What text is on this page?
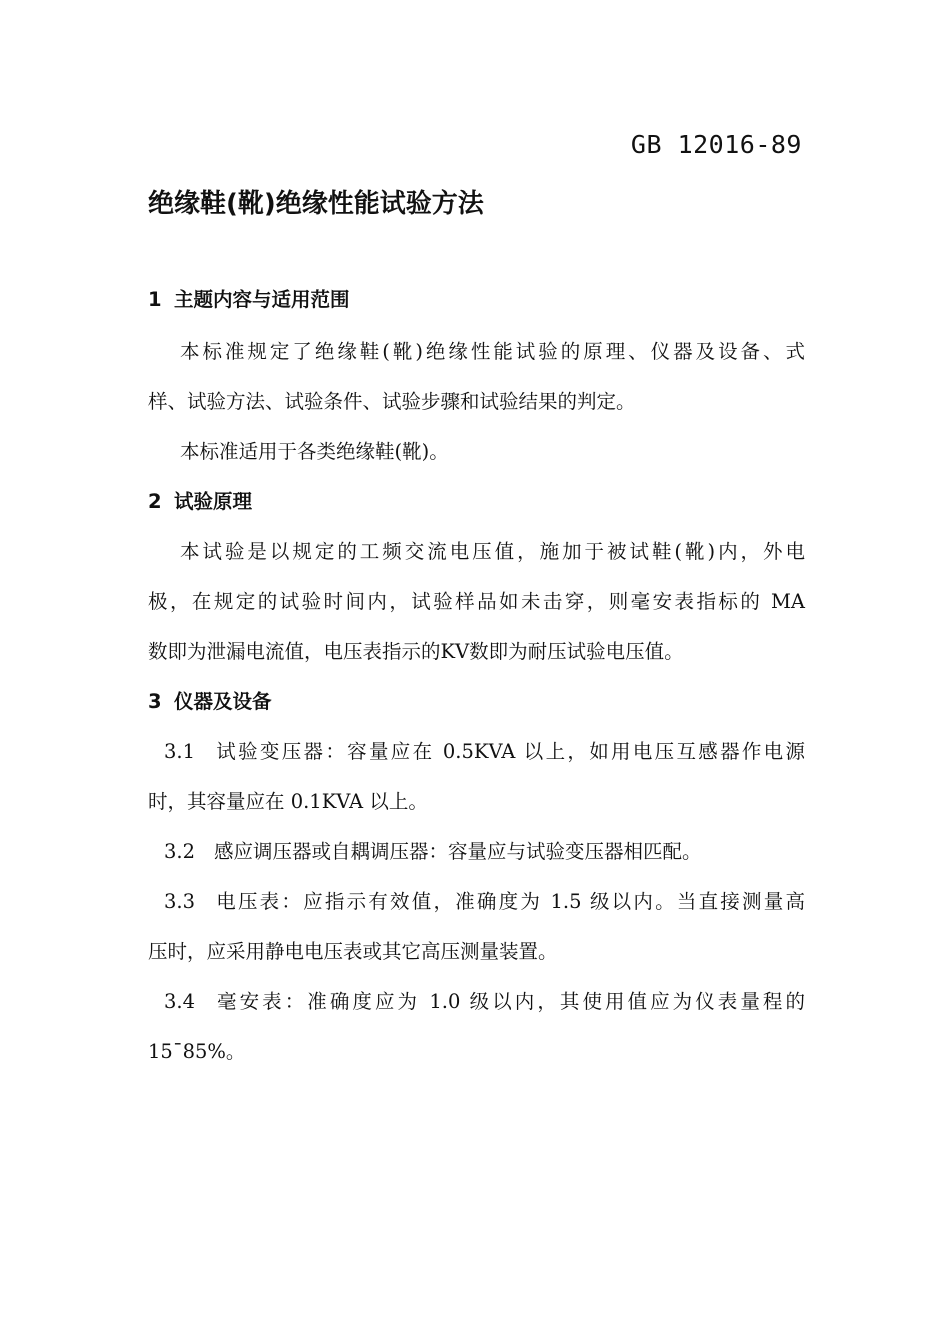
GB 12016-89
绝缘鞋(靴)绝缘性能试验方法
1 主题内容与适用范围
本标准规定了绝缘鞋(靴)绝缘性能试验的原理、仪器及设备、式
样、试验方法、试验条件、试验步骤和试验结果的判定。
本标准适用于各类绝缘鞋(靴)。
2 试验原理
本试验是以规定的工频交流电压值，施加于被试鞋(靴)内，外电
极，在规定的试验时间内，试验样品如未击穿，则毫安表指标的 MA
数即为泄漏电流值，电压表指示的KV数即为耐压试验电压值。
3 仪器及设备
3.1 试验变压器：容量应在 0.5KVA 以上，如用电压互感器作电源
时，其容量应在 0.1KVA 以上。
3.2 感应调压器或自耦调压器：容量应与试验变压器相匹配。
3.3 电压表：应指示有效值，准确度为 1.5 级以内。当直接测量高
压时，应采用静电电压表或其它高压测量装置。
3.4 毫安表：准确度应为 1.0 级以内，其使用值应为仪表量程的
15¯85%。
